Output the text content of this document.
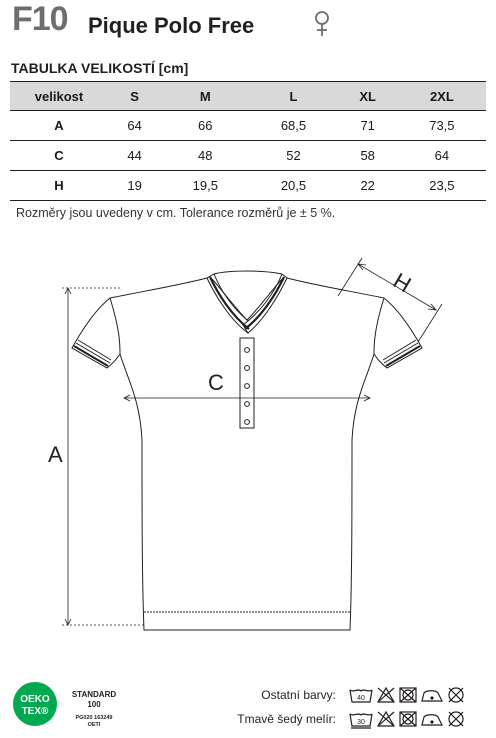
F10 Pique Polo Free
TABULKA VELIKOSTÍ [cm]
velikost	S	M	L	XL	2XL
A	64	66	68,5	71	73,5
C	44	48	52	58	64
H	19	19,5	20,5	22	23,5
Rozměry jsou uvedeny v cm. Tolerance rozměrů je ± 5 %.
A
C
H
OEKO
TEX®
STANDARD
100
PG020 163249
OETI
Ostatní barvy:	40
Tmavě šedý melír:	30
